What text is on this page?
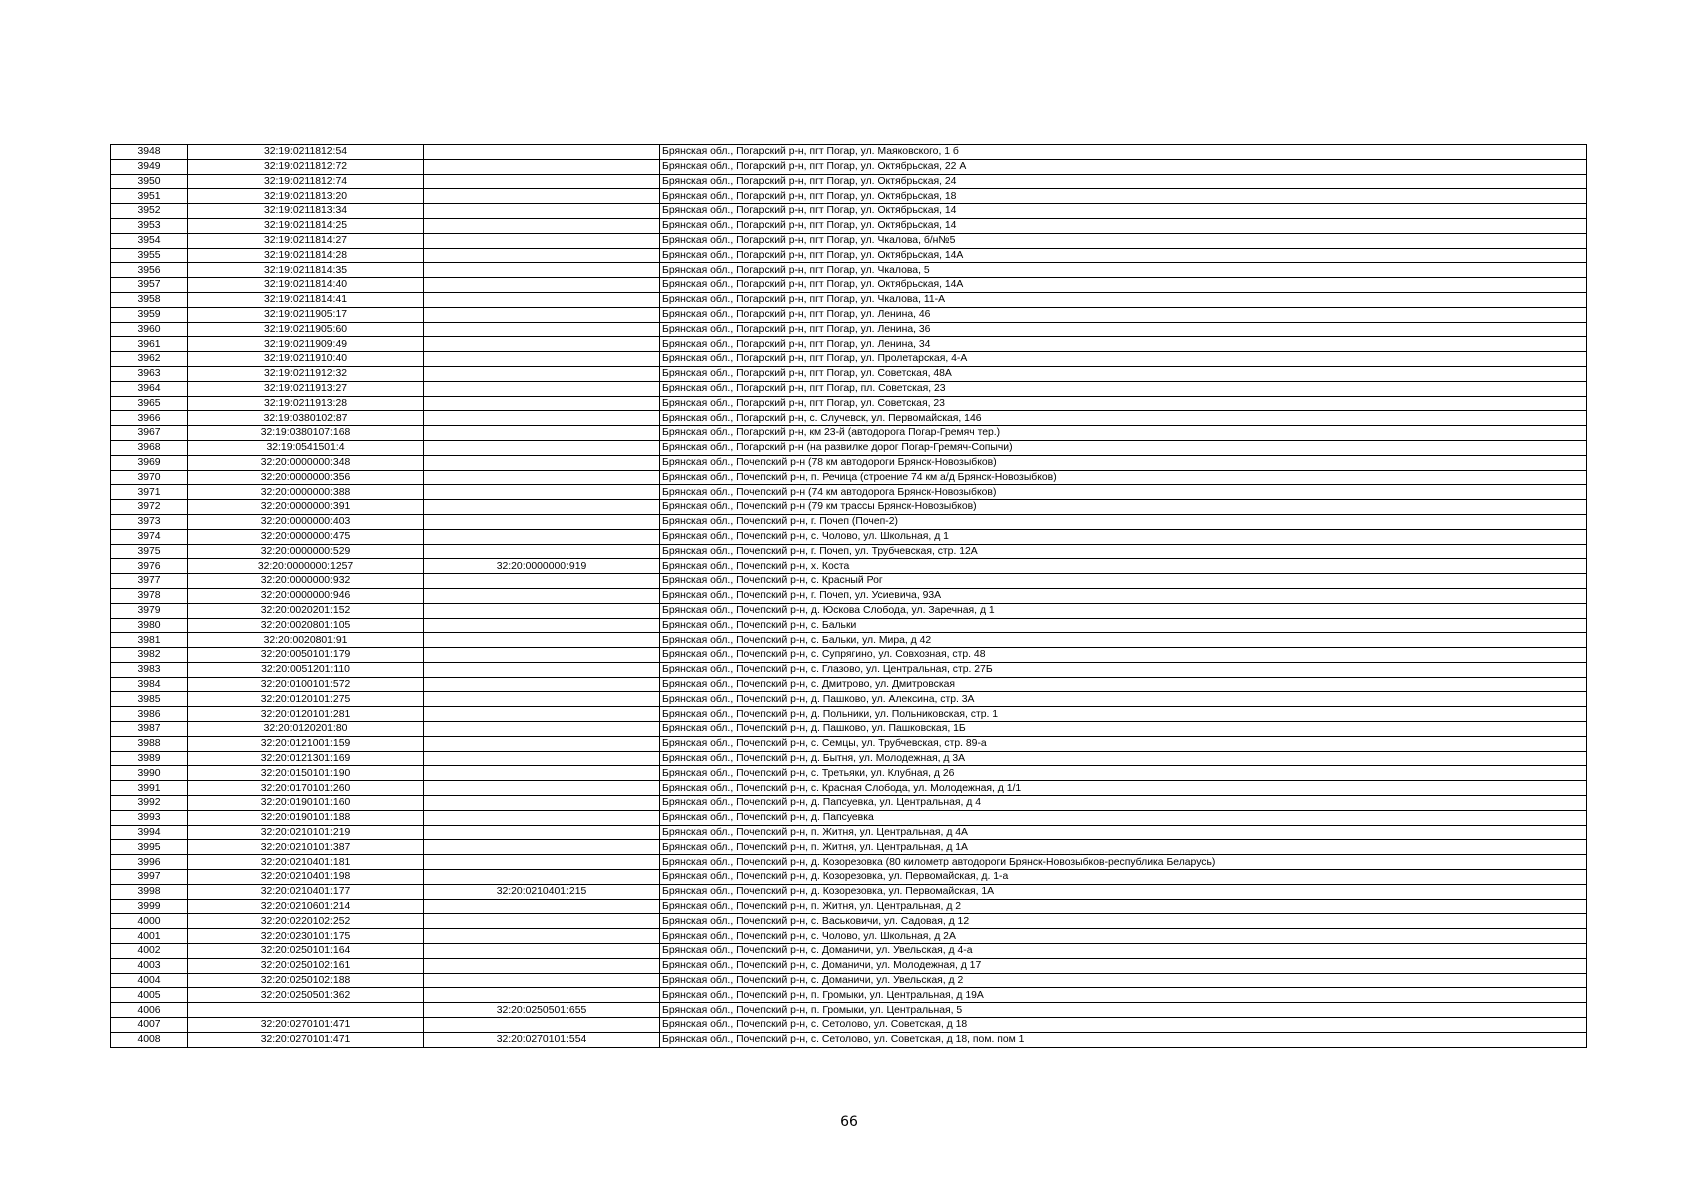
3948	32:19:0211812:54		Брянская обл., Погарский р-н, пгт Погар, ул. Маяковского, 1 б
3949	32:19:0211812:72		Брянская обл., Погарский р-н, пгт Погар, ул. Октябрьская, 22 А
3950	32:19:0211812:74		Брянская обл., Погарский р-н, пгт Погар, ул. Октябрьская, 24
3951	32:19:0211813:20		Брянская обл., Погарский р-н, пгт Погар, ул. Октябрьская, 18
3952	32:19:0211813:34		Брянская обл., Погарский р-н, пгт Погар, ул. Октябрьская, 14
3953	32:19:0211814:25		Брянская обл., Погарский р-н, пгт Погар, ул. Октябрьская, 14
3954	32:19:0211814:27		Брянская обл., Погарский р-н, пгт Погар, ул. Чкалова, б/н№5
3955	32:19:0211814:28		Брянская обл., Погарский р-н, пгт Погар, ул. Октябрьская, 14А
3956	32:19:0211814:35		Брянская обл., Погарский р-н, пгт Погар, ул. Чкалова, 5
3957	32:19:0211814:40		Брянская обл., Погарский р-н, пгт Погар, ул. Октябрьская, 14А
3958	32:19:0211814:41		Брянская обл., Погарский р-н, пгт Погар, ул. Чкалова, 11-А
3959	32:19:0211905:17		Брянская обл., Погарский р-н, пгт Погар, ул. Ленина, 46
3960	32:19:0211905:60		Брянская обл., Погарский р-н, пгт Погар, ул. Ленина, 36
3961	32:19:0211909:49		Брянская обл., Погарский р-н, пгт Погар, ул. Ленина, 34
3962	32:19:0211910:40		Брянская обл., Погарский р-н, пгт Погар, ул. Пролетарская, 4-А
3963	32:19:0211912:32		Брянская обл., Погарский р-н, пгт Погар, ул. Советская, 48А
3964	32:19:0211913:27		Брянская обл., Погарский р-н, пгт Погар, пл. Советская, 23
3965	32:19:0211913:28		Брянская обл., Погарский р-н, пгт Погар, ул. Советская, 23
3966	32:19:0380102:87		Брянская обл., Погарский р-н, с. Случевск, ул. Первомайская, 146
3967	32:19:0380107:168		Брянская обл., Погарский р-н, км 23-й (автодорога Погар-Гремяч тер.)
3968	32:19:0541501:4		Брянская обл., Погарский р-н (на развилке дорог Погар-Гремяч-Сопычи)
3969	32:20:0000000:348		Брянская обл., Почепский р-н (78 км автодороги Брянск-Новозыбков)
3970	32:20:0000000:356		Брянская обл., Почепский р-н, п. Речица (строение 74 км а/д Брянск-Новозыбков)
3971	32:20:0000000:388		Брянская обл., Почепский р-н (74 км автодорога Брянск-Новозыбков)
3972	32:20:0000000:391		Брянская обл., Почепский р-н (79 км трассы Брянск-Новозыбков)
3973	32:20:0000000:403		Брянская обл., Почепский р-н, г. Почеп (Почеп-2)
3974	32:20:0000000:475		Брянская обл., Почепский р-н, с. Чолово, ул. Школьная, д 1
3975	32:20:0000000:529		Брянская обл., Почепский р-н, г. Почеп, ул. Трубчевская, стр. 12А
3976	32:20:0000000:1257	32:20:0000000:919	Брянская обл., Почепский р-н, х. Коста
3977	32:20:0000000:932		Брянская обл., Почепский р-н, с. Красный Рог
3978	32:20:0000000:946		Брянская обл., Почепский р-н, г. Почеп, ул. Усиевича, 93А
3979	32:20:0020201:152		Брянская обл., Почепский р-н, д. Юскова Слобода, ул. Заречная, д 1
3980	32:20:0020801:105		Брянская обл., Почепский р-н, с. Бальки
3981	32:20:0020801:91		Брянская обл., Почепский р-н, с. Бальки, ул. Мира, д 42
3982	32:20:0050101:179		Брянская обл., Почепский р-н, с. Супрягино, ул. Совхозная, стр. 48
3983	32:20:0051201:110		Брянская обл., Почепский р-н, с. Глазово, ул. Центральная, стр. 27Б
3984	32:20:0100101:572		Брянская обл., Почепский р-н, с. Дмитрово, ул. Дмитровская
3985	32:20:0120101:275		Брянская обл., Почепский р-н, д. Пашково, ул. Алексина, стр. 3А
3986	32:20:0120101:281		Брянская обл., Почепский р-н, д. Польники, ул. Польниковская, стр. 1
3987	32:20:0120201:80		Брянская обл., Почепский р-н, д. Пашково, ул. Пашковская, 1Б
3988	32:20:0121001:159		Брянская обл., Почепский р-н, с. Семцы, ул. Трубчевская, стр. 89-а
3989	32:20:0121301:169		Брянская обл., Почепский р-н, д. Бытня, ул. Молодежная, д 3А
3990	32:20:0150101:190		Брянская обл., Почепский р-н, с. Третьяки, ул. Клубная, д 26
3991	32:20:0170101:260		Брянская обл., Почепский р-н, с. Красная Слобода, ул. Молодежная, д 1/1
3992	32:20:0190101:160		Брянская обл., Почепский р-н, д. Папсуевка, ул. Центральная, д 4
3993	32:20:0190101:188		Брянская обл., Почепский р-н, д. Папсуевка
3994	32:20:0210101:219		Брянская обл., Почепский р-н, п. Житня, ул. Центральная, д 4А
3995	32:20:0210101:387		Брянская обл., Почепский р-н, п. Житня, ул. Центральная, д 1А
3996	32:20:0210401:181		Брянская обл., Почепский р-н, д. Козорезовка (80 километр автодороги Брянск-Новозыбков-республика Беларусь)
3997	32:20:0210401:198		Брянская обл., Почепский р-н, д. Козорезовка, ул. Первомайская, д. 1-а
3998	32:20:0210401:177	32:20:0210401:215	Брянская обл., Почепский р-н, д. Козорезовка, ул. Первомайская, 1А
3999	32:20:0210601:214		Брянская обл., Почепский р-н, п. Житня, ул. Центральная, д 2
4000	32:20:0220102:252		Брянская обл., Почепский р-н, с. Васьковичи, ул. Садовая, д 12
4001	32:20:0230101:175		Брянская обл., Почепский р-н, с. Чолово, ул. Школьная, д 2А
4002	32:20:0250101:164		Брянская обл., Почепский р-н, с. Доманичи, ул. Увельская, д 4-а
4003	32:20:0250102:161		Брянская обл., Почепский р-н, с. Доманичи, ул. Молодежная, д 17
4004	32:20:0250102:188		Брянская обл., Почепский р-н, с. Доманичи, ул. Увельская, д 2
4005	32:20:0250501:362		Брянская обл., Почепский р-н, п. Громыки, ул. Центральная, д 19А
4006		32:20:0250501:655	Брянская обл., Почепский р-н, п. Громыки, ул. Центральная, 5
4007	32:20:0270101:471		Брянская обл., Почепский р-н, с. Сетолово, ул. Советская, д 18
4008	32:20:0270101:471	32:20:0270101:554	Брянская обл., Почепский р-н, с. Сетолово, ул. Советская, д 18, пом. пом 1
66
